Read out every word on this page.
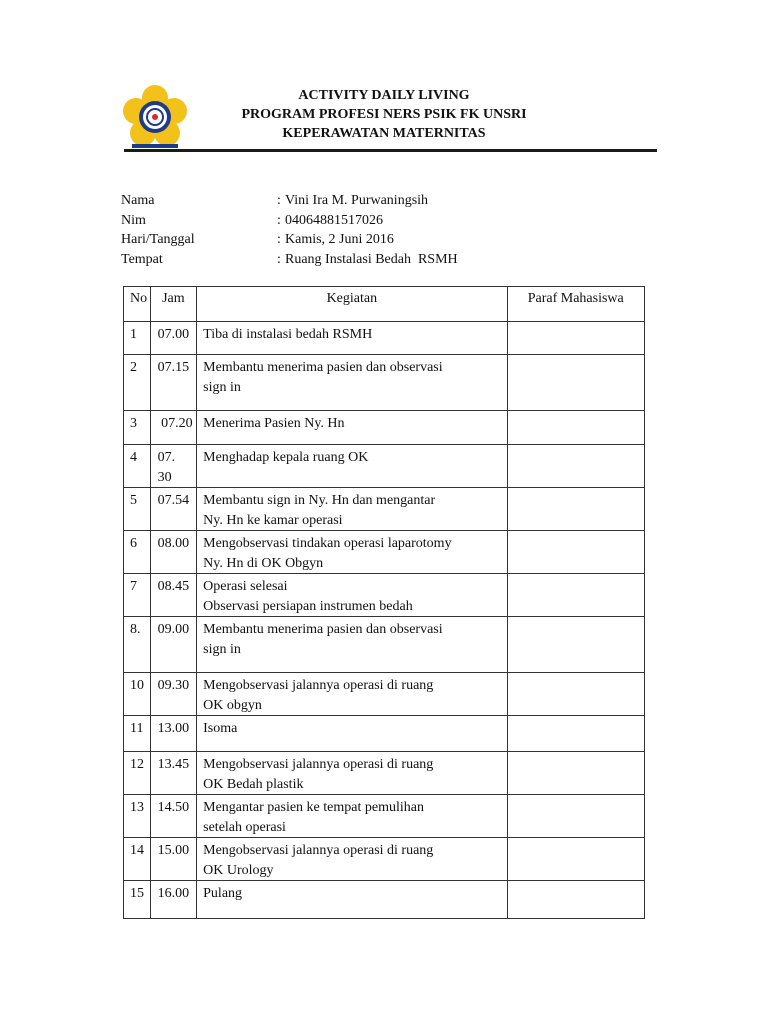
ACTIVITY DAILY LIVING
PROGRAM PROFESI NERS PSIK FK UNSRI
KEPERAWATAN MATERNITAS
Nama	: Vini Ira M. Purwaningsih
Nim	: 04064881517026
Hari/Tanggal	: Kamis, 2 Juni 2016
Tempat	: Ruang Instalasi Bedah  RSMH
No	Jam	Kegiatan	Paraf Mahasiswa
1	07.00	Tiba di instalasi bedah RSMH	

2	07.15	Membantu menerima pasien dan observasi
sign in	

3	07.20	Menerima Pasien Ny. Hn	

4	07. 30	Menghadap kepala ruang OK	

5	07.54	Membantu sign in Ny. Hn dan mengantar
Ny. Hn ke kamar operasi	

6	08.00	Mengobservasi tindakan operasi laparotomy
Ny. Hn di OK Obgyn	

7	08.45	Operasi selesai
Observasi persiapan instrumen bedah	

8.	09.00	Membantu menerima pasien dan observasi
sign in	

10	09.30	Mengobservasi jalannya operasi di ruang
OK obgyn	

11	13.00	Isoma	

12	13.45	Mengobservasi jalannya operasi di ruang
OK Bedah plastik	

13	14.50	Mengantar pasien ke tempat pemulihan
setelah operasi	

14	15.00	Mengobservasi jalannya operasi di ruang
OK Urology	

15	16.00	Pulang	
